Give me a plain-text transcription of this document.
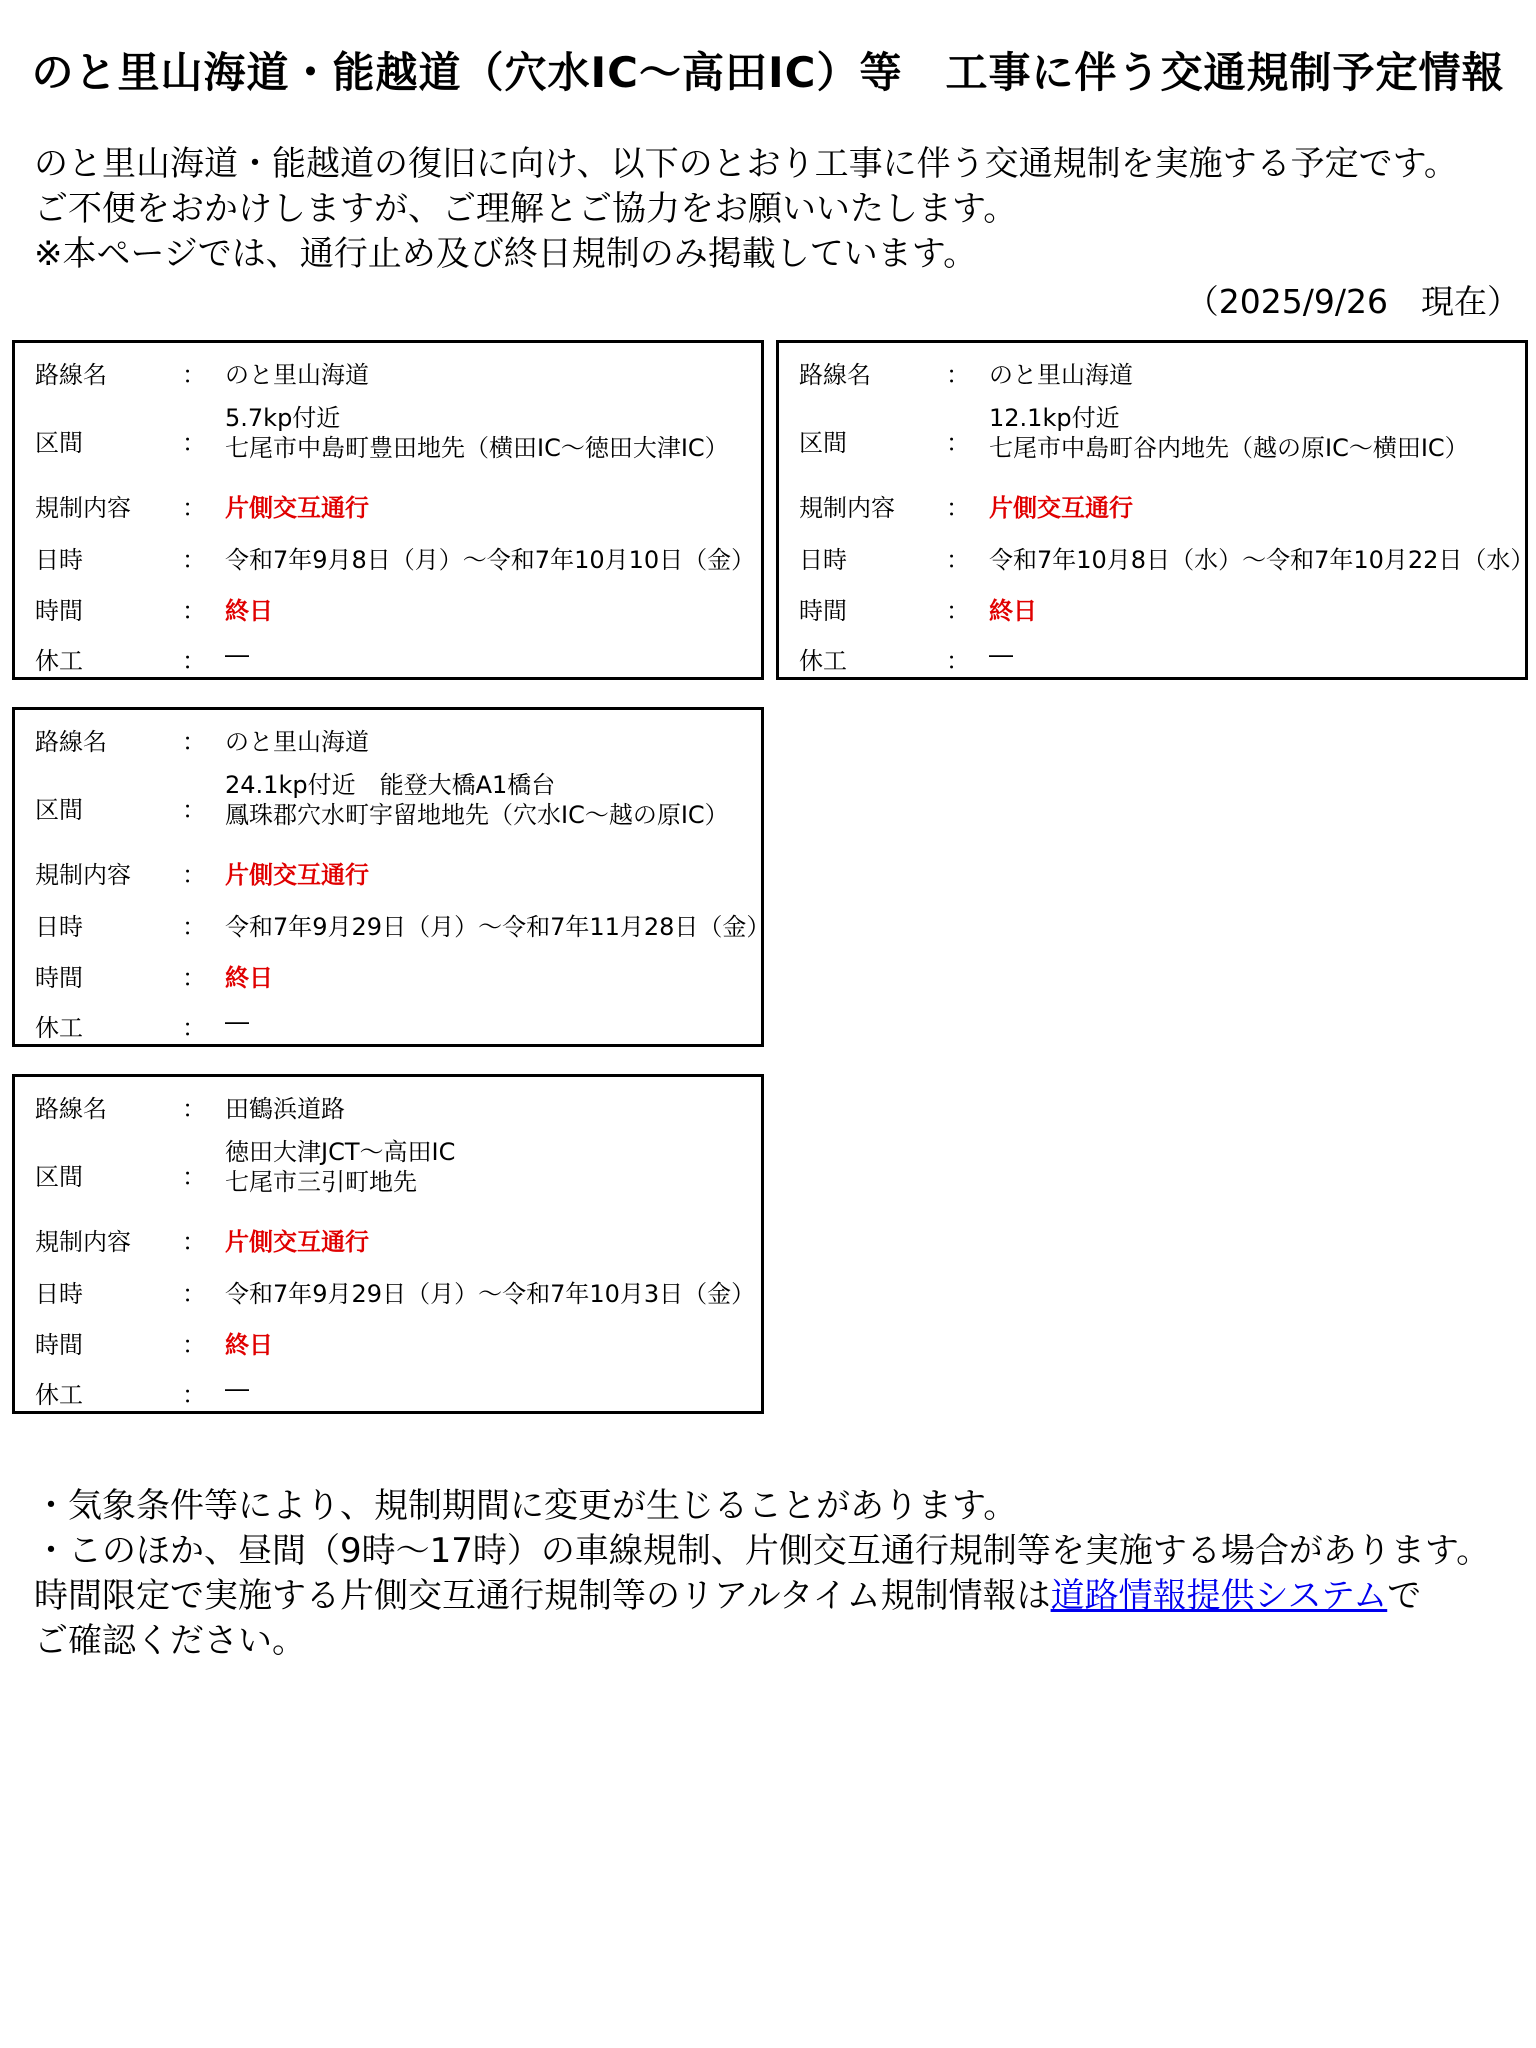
のと里山海道・能越道（穴水IC～高田IC）等　工事に伴う交通規制予定情報
のと里山海道・能越道の復旧に向け、以下のとおり工事に伴う交通規制を実施する予定です。
ご不便をおかけしますが、ご理解とご協力をお願いいたします。
※本ページでは、通行止め及び終日規制のみ掲載しています。
（2025/9/26　現在）
路線名	： のと里山海道
区間	：
5.7kp付近
七尾市中島町豊田地先（横田IC～徳田大津IC）
規制内容 ： 片側交互通行
日時	： 令和7年9月8日（月）～令和7年10月10日（金）
時間	： 終日
休工	： ―
路線名	： のと里山海道
区間	：
12.1kp付近
七尾市中島町谷内地先（越の原IC～横田IC）
規制内容 ： 片側交互通行
日時	： 令和7年10月8日（水）～令和7年10月22日（水）
時間	： 終日
休工	： ―
路線名	： のと里山海道
区間	：
24.1kp付近　能登大橋A1橋台
鳳珠郡穴水町宇留地地先（穴水IC～越の原IC）
規制内容 ： 片側交互通行
日時	： 令和7年9月29日（月）～令和7年11月28日（金）
時間	： 終日
休工	： ―
路線名	： 田鶴浜道路
区間	：
徳田大津JCT～高田IC
七尾市三引町地先
規制内容 ： 片側交互通行
日時	： 令和7年9月29日（月）～令和7年10月3日（金）
時間	： 終日
休工	： ―
・気象条件等により、規制期間に変更が生じることがあります。
・このほか、昼間（9時～17時）の車線規制、片側交互通行規制等を実施する場合があります。
時間限定で実施する片側交互通行規制等のリアルタイム規制情報は道路情報提供システムで
ご確認ください。
